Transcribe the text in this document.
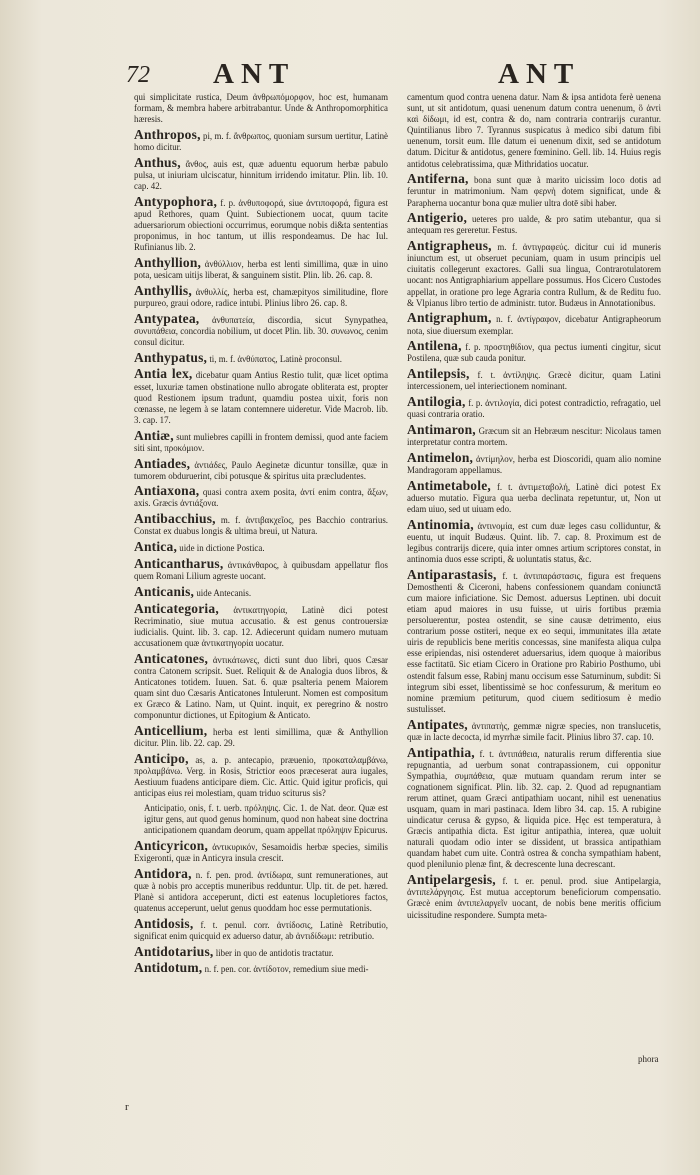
72 ANT	ANT
qui simplicitate rustica, Deum ἀνθρωπόμορφον, hoc est, humanam formam, & membra habere arbitrabantur. Unde & Anthropomorphitica hæresis.
Anthropos, pi, m. f. ἄνθρωπος, quoniam sursum uertitur, Latinè homo dicitur.
Anthus, ἄνθος, auis est, quæ aduentu equorum herbæ pabulo pulsa, ut iniuriam ulciscatur, hinnitum irridendo imitatur. Plin. lib. 10. cap. 42.
Antypophora, f. p. ἀνθυποφορά, siue ἀντιποφορά, figura est apud Rethores, quam Quint. Subiectionem uocat, quum tacite aduersariorum obiectioni occurrimus, eorumque nobis di&ta sententias proponimus, in hoc tantum, ut illis respondeamus. De hac Iul. Rufinianus lib. 2.
Anthyllion, ἀνθύλλιον, herba est lenti simillima, quæ in uino pota, uesicam uitijs liberat, & sanguinem sistit. Plin. lib. 26. cap. 8.
Anthyllis, ἀνθυλλίς, herba est, chamæpityos similitudine, flore purpureo, graui odore, radice intubi. Plinius libro 26. cap. 8.
Antypatea, ἀνθυπατεία, discordia, sicut Synypathea, συνυπάθεια, concordia nobilium, ut docet Plin. lib. 30. συνωνος, cenim consul dicitur.
Anthypatus, ti, m. f. ἀνθύπατος, Latinè proconsul.
Antia lex, dicebatur quam Antius Restio tulit, quæ licet optima esset, luxuriæ tamen obstinatione nullo abrogate obliterata est, propter quod Restionem ipsum tradunt, quamdiu postea uixit, foris non cœnasse, ne legem à se latam contemnere uideretur. Vide Macrob. lib. 3. cap. 17.
Antiæ, sunt muliebres capilli in frontem demissi, quod ante faciem siti sint, προκόμιον.
Antiades, ἀντιάδες, Paulo Aeginetæ dicuntur tonsillæ, quæ in tumorem obduruerint, cibi potusque & spiritus uita præcludentes.
Antiaxona, quasi contra axem posita, ἀντί enim contra, ἄξων, axis. Græcis ἀντιάξονα.
Antibacchius, m. f. ἀντιβακχεῖος, pes Bacchio contrarius. Constat ex duabus longis & ultima breui, ut Natura.
Antica, uide in dictione Postica.
Anticantharus, ἀντικάνθαρος, à quibusdam appellatur flos quem Romani Lilium agreste uocant.
Anticanis, uide Antecanis.
Anticategoria, ἀντικατηγορία, Latinè dici potest Recriminatio, siue mutua accusatio. & est genus controuersiæ iudicialis. Quint. lib. 3. cap. 12. Adiecerunt quidam numero mutuam accusationem quæ ἀντικατηγορία uocatur.
Anticatones, ἀντικάτωνες, dicti sunt duo libri, quos Cæsar contra Catonem scripsit. Suet. Reliquit & de Analogia duos libros, & Anticatones totidem. Iuuen. Sat. 6. quæ psalteria penem Maiorem quam sint duo Cæsaris Anticatones Intulerunt. Nomen est compositum ex Græco & Latino. Nam, ut Quint. inquit, ex peregrino & nostro componuntur dictiones, ut Epitogium & Anticato.
Anticellium, herba est lenti simillima, quæ & Anthyllion dicitur. Plin. lib. 22. cap. 29.
Anticipo, as, a. p. antecapio, præuenio, προκαταλαμβάνω, προλαμβάνω. Verg. in Rosis, Strictior eoos præceserat aura iugales, Aestiuum fuadens anticipare diem. Cic. Attic. Quid igitur proficis, qui anticipas eius rei molestiam, quam triduo sciturus sis?
Anticipatio, onis, f. t. uerb. πρόληψις. Cic. 1. de Nat. deor. Quæ est igitur gens, aut quod genus hominum, quod non habeat sine doctrina anticipationem quandam deorum, quam appellat πρόληψιν Epicurus.
Anticyricon, ἀντικυρικόν, Sesamoidis herbæ species, similis Exigeronti, quæ in Anticyra insula crescit.
Antidora, n. f. pen. prod. ἀντίδωρα, sunt remunerationes, aut quæ à nobis pro acceptis muneribus redduntur. Ulp. tit. de pet. hæred. Planè si antidora acceperunt, dicti est eatenus locupletiores factos, quatenus acceperunt, uelut genus quoddam hoc esse permutationis.
Antidosis, f. t. penul. corr. ἀντίδοσις, Latinè Retributio, significat enim quicquid ex aduerso datur, ab ἀντιδίδωμι: retributio.
Antidotarius, liber in quo de antidotis tractatur.
Antidotum, n. f. pen. cor. ἀντίδοτον, remedium siue medi-
camentum quod contra uenena datur. Nam & ipsa antidota ferè uenena sunt, ut sit antidotum, quasi uenenum datum contra uenenum, ὃ ἀντὶ καὶ δίδωμι, id est, contra & do, nam contraria contrarijs curantur. Quintilianus libro 7. Tyrannus suspicatus à medico sibi datum fibi uenenum, torsit eum. Ille datum ei uenenum dixit, sed se antidotum datum. Dicitur & antidotus, genere fœminino. Gell. lib. 14. Huius regis antidotus celebratissima, quæ Mithridatios uocatur.
Antiferna, bona sunt quæ à marito uicissim loco dotis ad feruntur in matrimonium. Nam φερνὴ dotem significat, unde & Parapherna uocantur bona quæ mulier ultra dotē sibi haber.
Antigerio, ueteres pro ualde, & pro satim utebantur, qua si antequam res gereretur. Festus.
Antigrapheus, m. f. ἀντιγραφεύς. dicitur cui id muneris iniunctum est, ut obseruet pecuniam, quam in usum principis uel ciuitatis collegerunt exactores. Galli sua lingua, Contrarotulatorem uocant: nos Antigraphiarium appellare possumus. Hos Cicero Custodes appellat, in oratione pro lege Agraria contra Rullum, & de Reditu fuo. & Vlpianus libro tertio de administr. tutor. Budæus in Annotationibus.
Antigraphum, n. f. ἀντίγραφον, dicebatur Antigrapheorum nota, siue diuersum exemplar.
Antilena, f. p. προστηθίδιον, qua pectus iumenti cingitur, sicut Postilena, quæ sub cauda ponitur.
Antilepsis, f. t. ἀντίληψις. Græcè dicitur, quam Latini intercessionem, uel interiectionem nominant.
Antilogia, f. p. ἀντιλογία, dici potest contradictio, refragatio, uel quasi contraria oratio.
Antimaron, Græcum sit an Hebræum nescitur: Nicolaus tamen interpretatur contra mortem.
Antimelon, ἀντίμηλον, herba est Dioscoridi, quam alio nomine Mandragoram appellamus.
Antimetabole, f. t. ἀντιμεταβολή, Latinè dici potest Ex aduerso mutatio. Figura qua uerba declinata repetuntur, ut, Non ut edam uiuo, sed ut uiuam edo.
Antinomia, ἀντινομία, est cum duæ leges casu colliduntur, & euentu, ut inquit Budæus. Quint. lib. 7. cap. 8. Proximum est de legibus contrarijs dicere, quia inter omnes artium scriptores constat, in antinomia duos esse scripti, & uoluntatis status, &c.
Antiparastasis, f. t. ἀντιπαράστασις, figura est frequens Demosthenti & Ciceroni, habens confessionem quandam coniunctā cum maiore inficiatione. Sic Demost. aduersus Leptinen. ubi docuit etiam apud maiores in usu fuisse, ut uiris fortibus præmia persoluerentur, postea ostendit, se sine causæ detrimento, eius contrarium posse ostiteri, neque ex eo sequi, immunitates illa ætate uiris de republicis bene meritis concessas, sine manifesta aliqua culpa esse eripiendas, nisi ostenderet aduersarius, idem quoque à maioribus esse factitatū. Sic etiam Cicero in Oratione pro Rabirio Posthumo, ubi ostendit falsum esse, Rabinj manu occisum esse Saturninum, subdit: Si integrum sibi esset, libentissimè se hoc confessurum, & meritum eo nomine præmium petiturum, quod ciuem seditiosum è medio sustulisset.
Antipates, ἀντιπατὴς, gemmæ nigræ species, non translucetis, quæ in lacte decocta, id myrrhæ simile facit. Plinius libro 37. cap. 10.
Antipathia, f. t. ἀντιπάθεια, naturalis rerum differentia siue repugnantia, ad uerbum sonat contrapassionem, cui opponitur Sympathia, συμπάθεια, quæ mutuam quandam rerum inter se cognationem significat. Plin. lib. 32. cap. 2. Quod ad repugnantiam rerum attinet, quam Græci antipathiam uocant, nihil est uenenatius usquam, quam in mari pastinaca. Idem libro 34. cap. 15. A rubigine uindicatur cerusa & gypso, & liquida pice. Hęc est temperatura, à Græcis antipathia dicta. Est igitur antipathia, interea, quæ uoluit naturali quodam odio inter se dissident, ut brassica antipathiam quandam habet cum uite. Contrà ostrea & concha sympathiam habent, quod plenilunio plenæ fint, & decrescente luna decrescant.
Antipelargesis, f. t. er. penul. prod. siue Antipelargia, ἀντιπελάργησις. Est mutua acceptorum beneficiorum compensatio. Græcè enim ἀντιπελαργεῖν uocant, de nobis bene meritis officium uicissitudine respondere. Sumpta meta-
phora
r
